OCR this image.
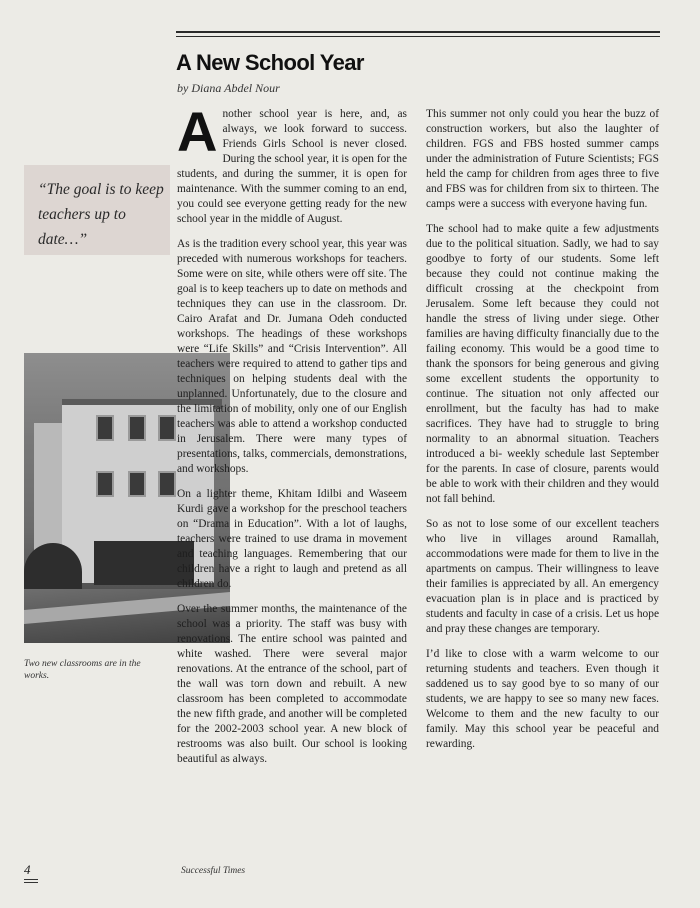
A New School Year
by Diana Abdel Nour
“The goal is to keep teachers up to date…”
Two new classrooms are in the works.

Another school year is here, and, as always, we look forward to success. Friends Girls School is never closed. During the school year, it is open for the students, and during the summer, it is open for maintenance. With the summer coming to an end, you could see everyone getting ready for the new school year in the middle of August.

As is the tradition every school year, this year was preceded with numerous workshops for teachers. Some were on site, while others were off site. The goal is to keep teachers up to date on methods and techniques they can use in the classroom. Dr. Cairo Arafat and Dr. Jumana Odeh conducted workshops. The headings of these workshops were “Life Skills” and “Crisis Intervention”. All teachers were required to attend to gather tips and techniques on helping students deal with the unplanned. Unfortunately, due to the closure and the limitation of mobility, only one of our English teachers was able to attend a workshop conducted in Jerusalem. There were many types of presentations, talks, commercials, demonstrations, and workshops.

On a lighter theme, Khitam Idilbi and Waseem Kurdi gave a workshop for the preschool teachers on “Drama in Education”. With a lot of laughs, teachers were trained to use drama in movement and teaching languages. Remembering that our children have a right to laugh and pretend as all children do.

Over the summer months, the maintenance of the school was a priority. The staff was busy with renovations. The entire school was painted and white washed. There were several major renovations. At the entrance of the school, part of the wall was torn down and rebuilt. A new classroom has been completed to accommodate the new fifth grade, and another will be completed for the 2002-2003 school year. A new block of restrooms was also built. Our school is looking beautiful as always.

This summer not only could you hear the buzz of construction workers, but also the laughter of children. FGS and FBS hosted summer camps under the administration of Future Scientists; FGS held the camp for children from ages three to five and FBS was for children from six to thirteen. The camps were a success with everyone having fun.

The school had to make quite a few adjustments due to the political situation. Sadly, we had to say goodbye to forty of our students. Some left because they could not continue making the difficult crossing at the checkpoint from Jerusalem. Some left because they could not handle the stress of living under siege. Other families are having difficulty financially due to the failing economy. This would be a good time to thank the sponsors for being generous and giving some excellent students the opportunity to continue. The situation not only affected our enrollment, but the faculty has had to make sacrifices. They have had to struggle to bring normality to an abnormal situation. Teachers introduced a bi- weekly schedule last September for the parents. In case of closure, parents would be able to work with their children and they would not fall behind.

So as not to lose some of our excellent teachers who live in villages around Ramallah, accommodations were made for them to live in the apartments on campus. Their willingness to leave their families is appreciated by all. An emergency evacuation plan is in place and is practiced by students and faculty in case of a crisis. Let us hope and pray these changes are temporary.

I’d like to close with a warm welcome to our returning students and teachers. Even though it saddened us to say good bye to so many of our students, we are happy to see so many new faces. Welcome to them and the new faculty to our family. May this school year be peaceful and rewarding.

Successful Times
4
